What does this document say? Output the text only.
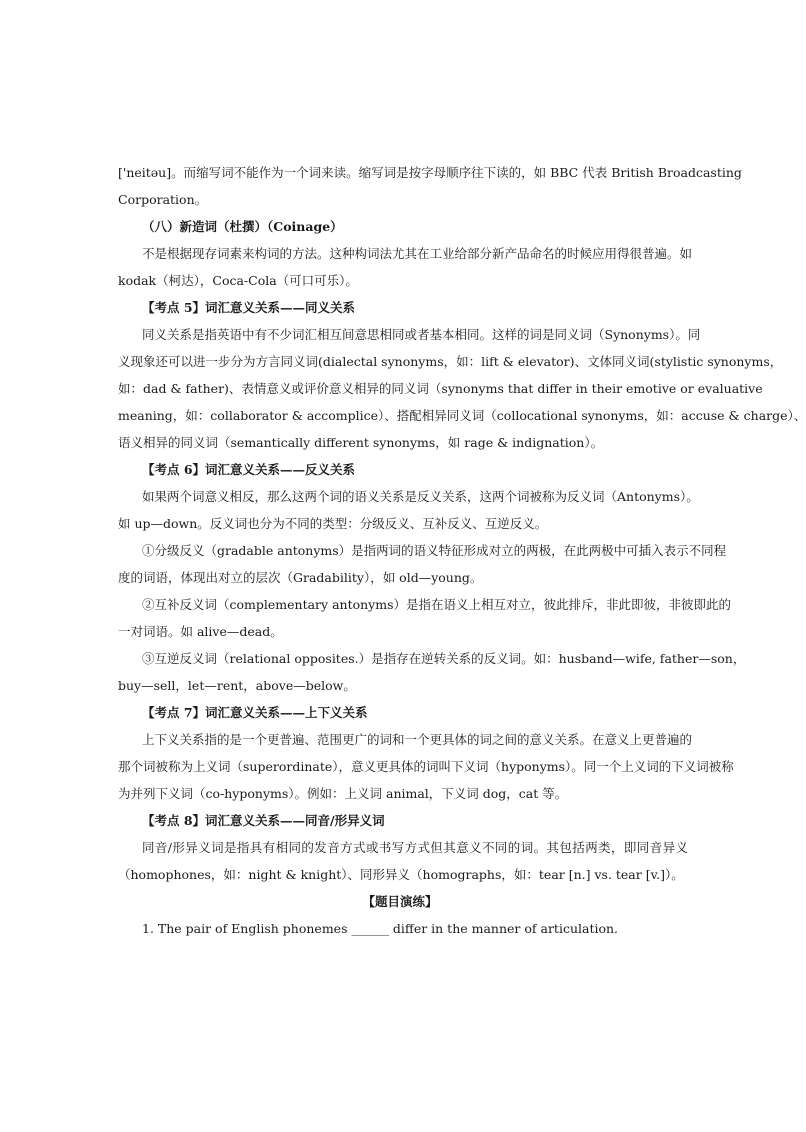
['neitəu]。而缩写词不能作为一个词来读。缩写词是按字母顺序往下读的，如 BBC 代表 British Broadcasting
Corporation。
（八）新造词（杜撰）（Coinage）
不是根据现存词素来构词的方法。这种构词法尤其在工业给部分新产品命名的时候应用得很普遍。如
kodak（柯达），Coca-Cola（可口可乐）。
【考点 5】词汇意义关系——同义关系
同义关系是指英语中有不少词汇相互间意思相同或者基本相同。这样的词是同义词（Synonyms）。同
义现象还可以进一步分为方言同义词(dialectal synonyms，如：lift & elevator)、文体同义词(stylistic synonyms，
如：dad & father)、表情意义或评价意义相异的同义词（synonyms that differ in their emotive or evaluative
meaning，如：collaborator & accomplice）、搭配相异同义词（collocational synonyms，如：accuse & charge）、
语义相异的同义词（semantically different synonyms，如 rage & indignation）。
【考点 6】词汇意义关系——反义关系
如果两个词意义相反，那么这两个词的语义关系是反义关系，这两个词被称为反义词（Antonyms）。
如 up—down。反义词也分为不同的类型：分级反义、互补反义、互逆反义。
①分级反义（gradable antonyms）是指两词的语义特征形成对立的两极，在此两极中可插入表示不同程
度的词语，体现出对立的层次（Gradability），如 old—young。
②互补反义词（complementary antonyms）是指在语义上相互对立，彼此排斥，非此即彼，非彼即此的
一对词语。如 alive—dead。
③互逆反义词（relational opposites.）是指存在逆转关系的反义词。如：husband—wife, father—son，
buy—sell，let—rent，above—below。
【考点 7】词汇意义关系——上下义关系
上下义关系指的是一个更普遍、范围更广的词和一个更具体的词之间的意义关系。在意义上更普遍的
那个词被称为上义词（superordinate），意义更具体的词叫下义词（hyponyms）。同一个上义词的下义词被称
为并列下义词（co-hyponyms）。例如：上义词 animal，下义词 dog，cat 等。
【考点 8】词汇意义关系——同音/形异义词
同音/形异义词是指具有相同的发音方式或书写方式但其意义不同的词。其包括两类，即同音异义
（homophones，如：night & knight）、同形异义（homographs，如：tear [n.] vs. tear [v.]）。
【题目演练】
1. The pair of English phonemes ______ differ in the manner of articulation.
